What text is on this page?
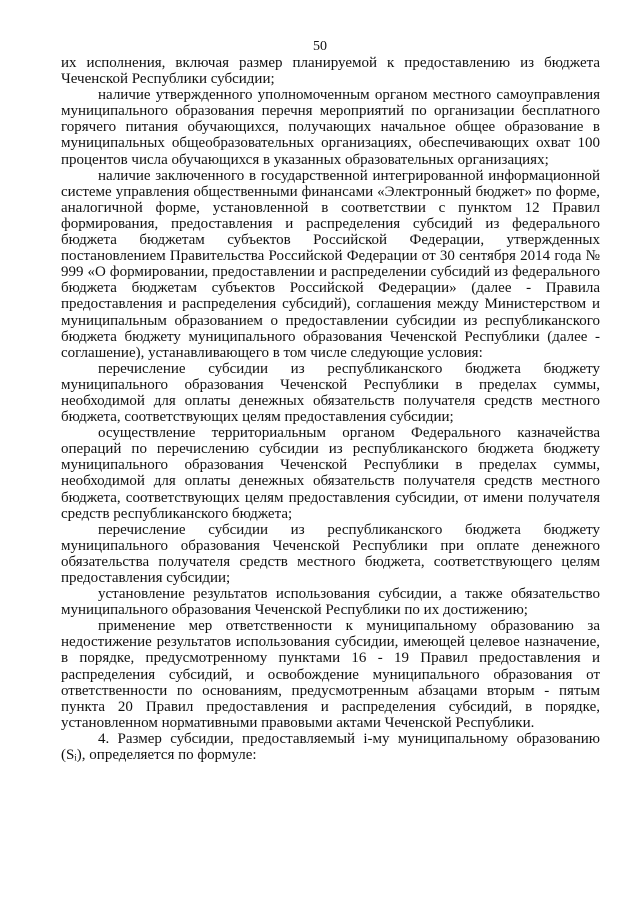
50

их исполнения, включая размер планируемой к предоставлению из бюджета Чеченской Республики субсидии;

наличие утвержденного уполномоченным органом местного самоуправления муниципального образования перечня мероприятий по организации бесплатного горячего питания обучающихся, получающих начальное общее образование в муниципальных общеобразовательных организациях, обеспечивающих охват 100 процентов числа обучающихся в указанных образовательных организациях;

наличие заключенного в государственной интегрированной информационной системе управления общественными финансами «Электронный бюджет» по форме, аналогичной форме, установленной в соответствии с пунктом 12 Правил формирования, предоставления и распределения субсидий из федерального бюджета бюджетам субъектов Российской Федерации, утвержденных постановлением Правительства Российской Федерации от 30 сентября 2014 года № 999 «О формировании, предоставлении и распределении субсидий из федерального бюджета бюджетам субъектов Российской Федерации» (далее - Правила предоставления и распределения субсидий), соглашения между Министерством и муниципальным образованием о предоставлении субсидии из республиканского бюджета бюджету муниципального образования Чеченской Республики (далее - соглашение), устанавливающего в том числе следующие условия:

перечисление субсидии из республиканского бюджета бюджету муниципального образования Чеченской Республики в пределах суммы, необходимой для оплаты денежных обязательств получателя средств местного бюджета, соответствующих целям предоставления субсидии;

осуществление территориальным органом Федерального казначейства операций по перечислению субсидии из республиканского бюджета бюджету муниципального образования Чеченской Республики в пределах суммы, необходимой для оплаты денежных обязательств получателя средств местного бюджета, соответствующих целям предоставления субсидии, от имени получателя средств республиканского бюджета;

перечисление субсидии из республиканского бюджета бюджету муниципального образования Чеченской Республики при оплате денежного обязательства получателя средств местного бюджета, соответствующего целям предоставления субсидии;

установление результатов использования субсидии, а также обязательство муниципального образования Чеченской Республики по их достижению;

применение мер ответственности к муниципальному образованию за недостижение результатов использования субсидии, имеющей целевое назначение, в порядке, предусмотренному пунктами 16 - 19 Правил предоставления и распределения субсидий, и освобождение муниципального образования от ответственности по основаниям, предусмотренным абзацами вторым - пятым пункта 20 Правил предоставления и распределения субсидий, в порядке, установленном нормативными правовыми актами Чеченской Республики.

4. Размер субсидии, предоставляемый i-му муниципальному образованию (Sᵢ), определяется по формуле:
